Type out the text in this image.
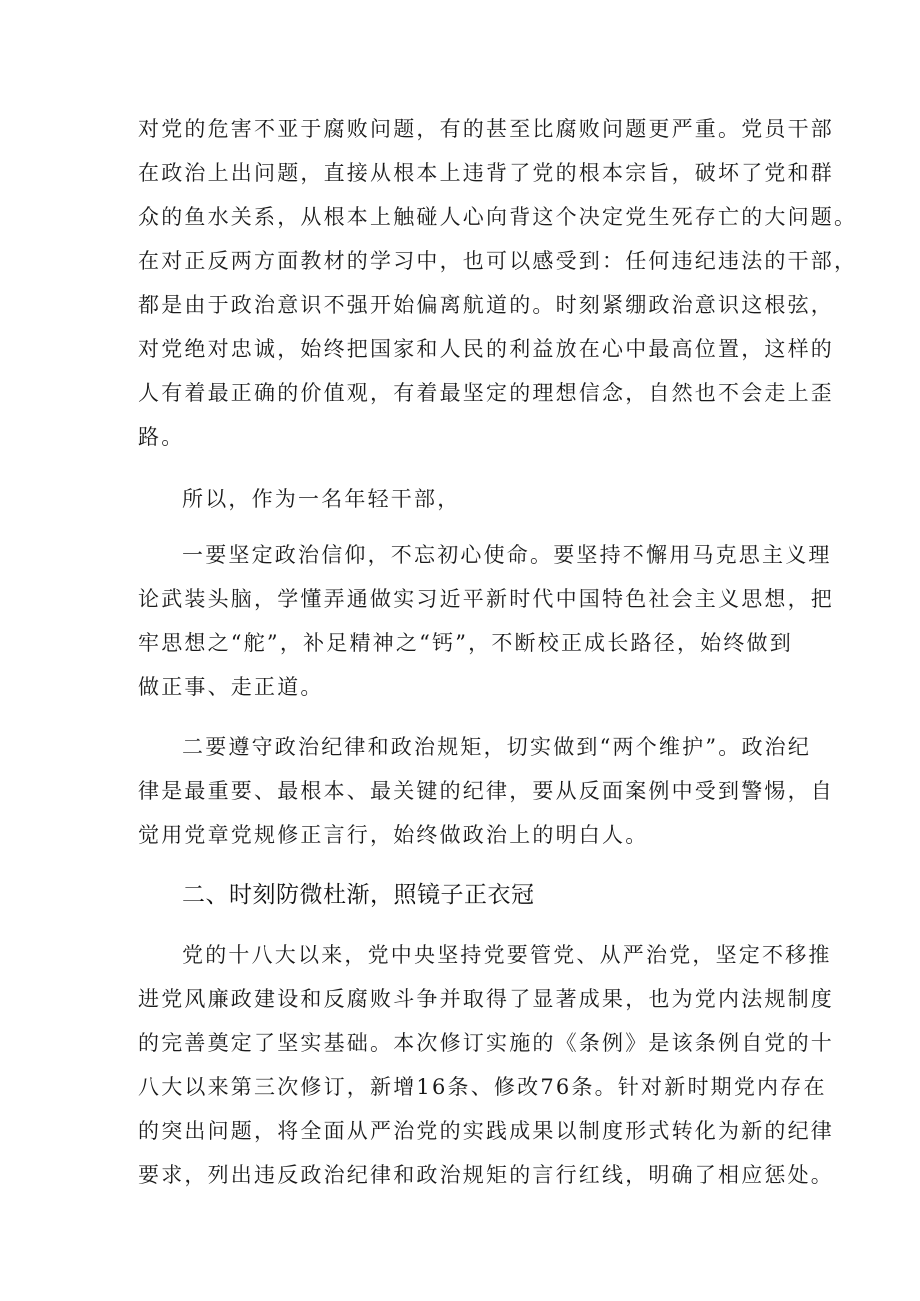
对党的危害不亚于腐败问题，有的甚至比腐败问题更严重。党员干部
在政治上出问题，直接从根本上违背了党的根本宗旨，破坏了党和群
众的鱼水关系，从根本上触碰人心向背这个决定党生死存亡的大问题。
在对正反两方面教材的学习中，也可以感受到：任何违纪违法的干部，
都是由于政治意识不强开始偏离航道的。时刻紧绷政治意识这根弦，
对党绝对忠诚，始终把国家和人民的利益放在心中最高位置，这样的
人有着最正确的价值观，有着最坚定的理想信念，自然也不会走上歪
路。
所以，作为一名年轻干部，
一要坚定政治信仰，不忘初心使命。要坚持不懈用马克思主义理
论武装头脑，学懂弄通做实习近平新时代中国特色社会主义思想，把
牢思想之“舵”，补足精神之“钙”，不断校正成长路径，始终做到
做正事、走正道。
二要遵守政治纪律和政治规矩，切实做到“两个维护”。政治纪
律是最重要、最根本、最关键的纪律，要从反面案例中受到警惕，自
觉用党章党规修正言行，始终做政治上的明白人。
二、时刻防微杜渐，照镜子正衣冠
党的十八大以来，党中央坚持党要管党、从严治党，坚定不移推
进党风廉政建设和反腐败斗争并取得了显著成果，也为党内法规制度
的完善奠定了坚实基础。本次修订实施的《条例》是该条例自党的十
八大以来第三次修订，新增16条、修改76条。针对新时期党内存在
的突出问题，将全面从严治党的实践成果以制度形式转化为新的纪律
要求，列出违反政治纪律和政治规矩的言行红线，明确了相应惩处。
